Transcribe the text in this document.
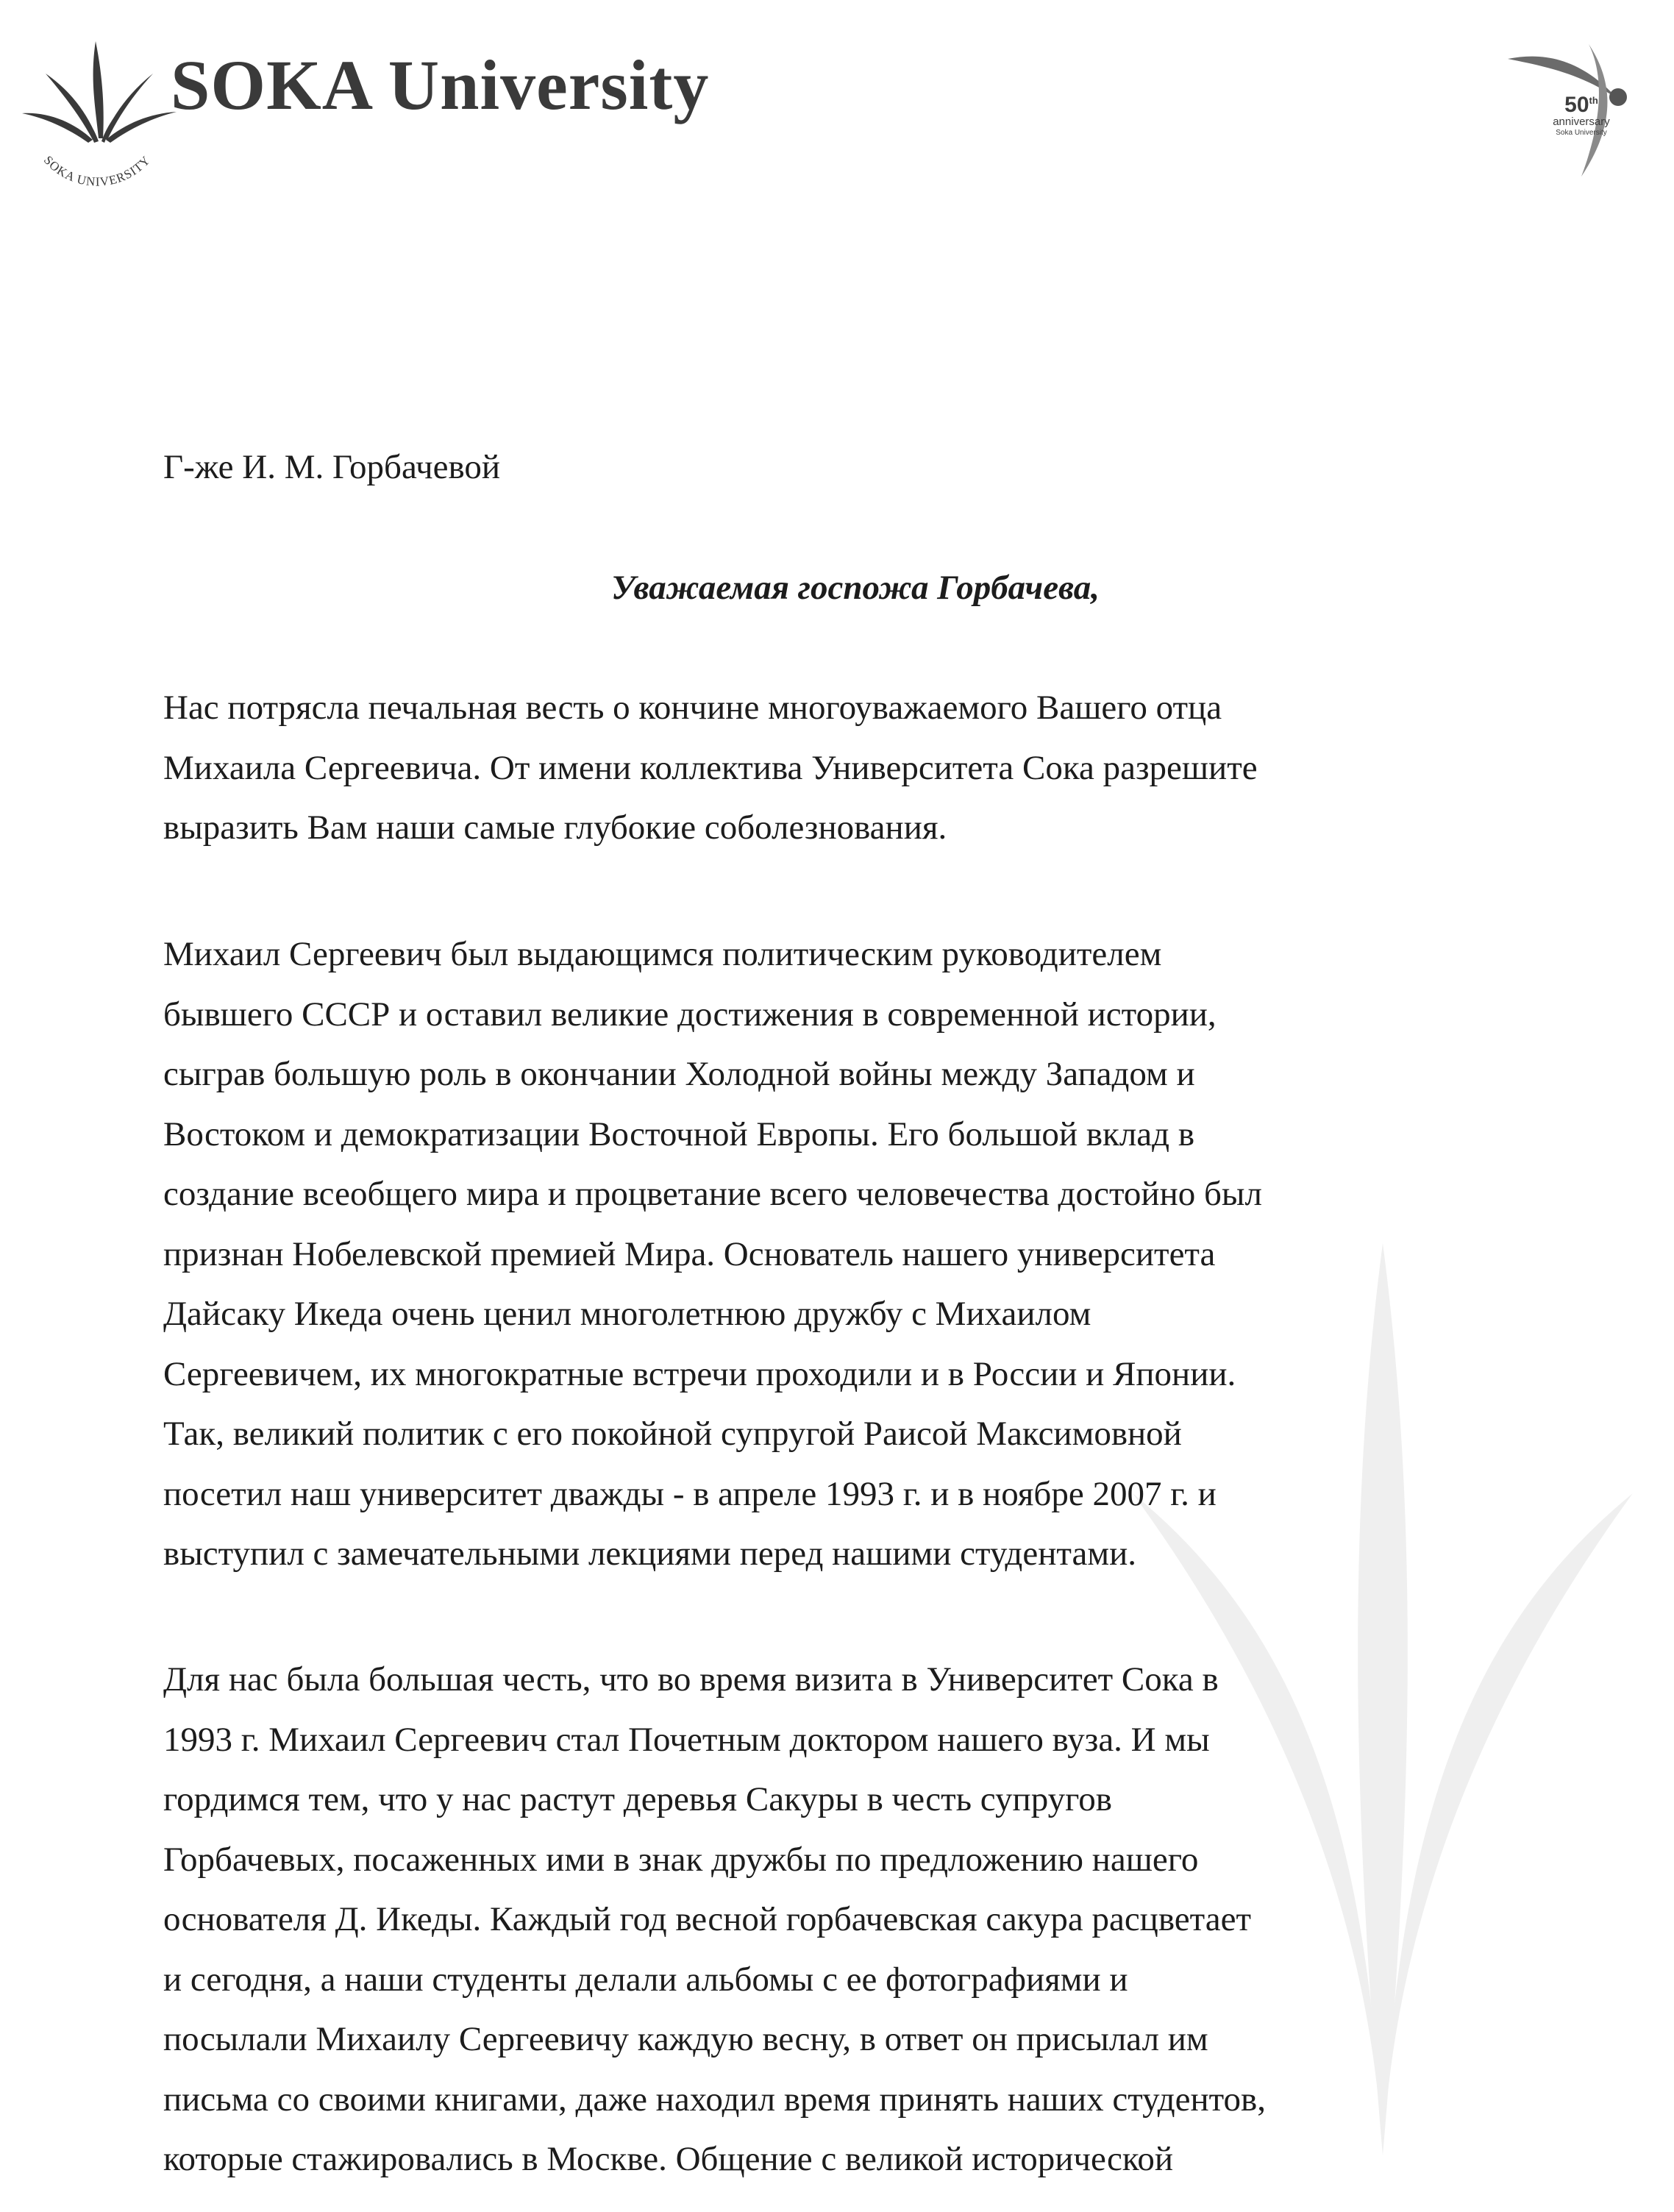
SOKA UNIVERSITY
SOKA University	50th
anniversary
Soka University
Г-же И. М. Горбачевой
Уважаемая госпожа Горбачева,
Нас потрясла печальная весть о кончине многоуважаемого Вашего отца
Михаила Сергеевича. От имени коллектива Университета Сока разрешите
выразить Вам наши самые глубокие соболезнования.
Михаил Сергеевич был выдающимся политическим руководителем
бывшего СССР и оставил великие достижения в современной истории,
сыграв большую роль в окончании Холодной войны между Западом и
Востоком и демократизации Восточной Европы. Его большой вклад в
создание всеобщего мира и процветание всего человечества достойно был
признан Нобелевской премией Мира. Основатель нашего университета
Дайсаку Икеда очень ценил многолетнюю дружбу с Михаилом
Сергеевичем, их многократные встречи проходили и в России и Японии.
Так, великий политик с его покойной супругой Раисой Максимовной
посетил наш университет дважды - в апреле 1993 г. и в ноябре 2007 г. и
выступил с замечательными лекциями перед нашими студентами.
Для нас была большая честь, что во время визита в Университет Сока в
1993 г. Михаил Сергеевич стал Почетным доктором нашего вуза. И мы
гордимся тем, что у нас растут деревья Сакуры в честь супругов
Горбачевых, посаженных ими в знак дружбы по предложению нашего
основателя Д. Икеды. Каждый год весной горбачевская сакура расцветает
и сегодня, а наши студенты делали альбомы с ее фотографиями и
посылали Михаилу Сергеевичу каждую весну, в ответ он присылал им
письма со своими книгами, даже находил время принять наших студентов,
которые стажировались в Москве. Общение с великой исторической
